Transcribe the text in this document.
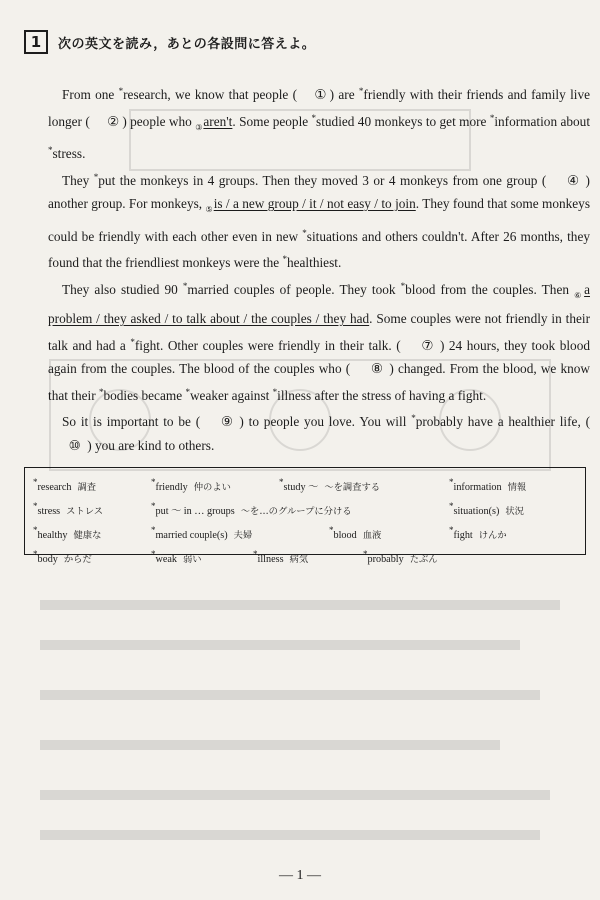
1	次の英文を読み，あとの各設問に答えよ。

From one *research, we know that people ( ① ) are *friendly with their friends and family live longer ( ② ) people who $_③$aren't. Some people *studied 40 monkeys to get more *information about *stress.

They *put the monkeys in 4 groups. Then they moved 3 or 4 monkeys from one group ( ④ ) another group. For monkeys, $_⑤$is / a new group / it / not easy / to join. They found that some monkeys could be friendly with each other even in new *situations and others couldn't. After 26 months, they found that the friendliest monkeys were the *healthiest.

They also studied 90 *married couples of people. They took *blood from the couples. Then $_⑥$a problem / they asked / to talk about / the couples / they had. Some couples were not friendly in their talk and had a *fight. Other couples were friendly in their talk. ( ⑦ ) 24 hours, they took blood again from the couples. The blood of the couples who ( ⑧ ) changed. From the blood, we know that their *bodies became *weaker against *illness after the stress of having a fight.

So it is important to be ( ⑨ ) to people you love. You will *probably have a healthier life, (  ⑩ ) you are kind to others.

*research 調査	*friendly 仲のよい	*study ～ ～を調査する	*information 情報
*stress ストレス	*put ～ in … groups ～を…のグループに分ける	*situation(s) 状況
*healthy 健康な	*married couple(s) 夫婦	*blood 血液	*fight けんか
*body からだ	*weak 弱い	*illness 病気	*probably たぶん
— 1 —
